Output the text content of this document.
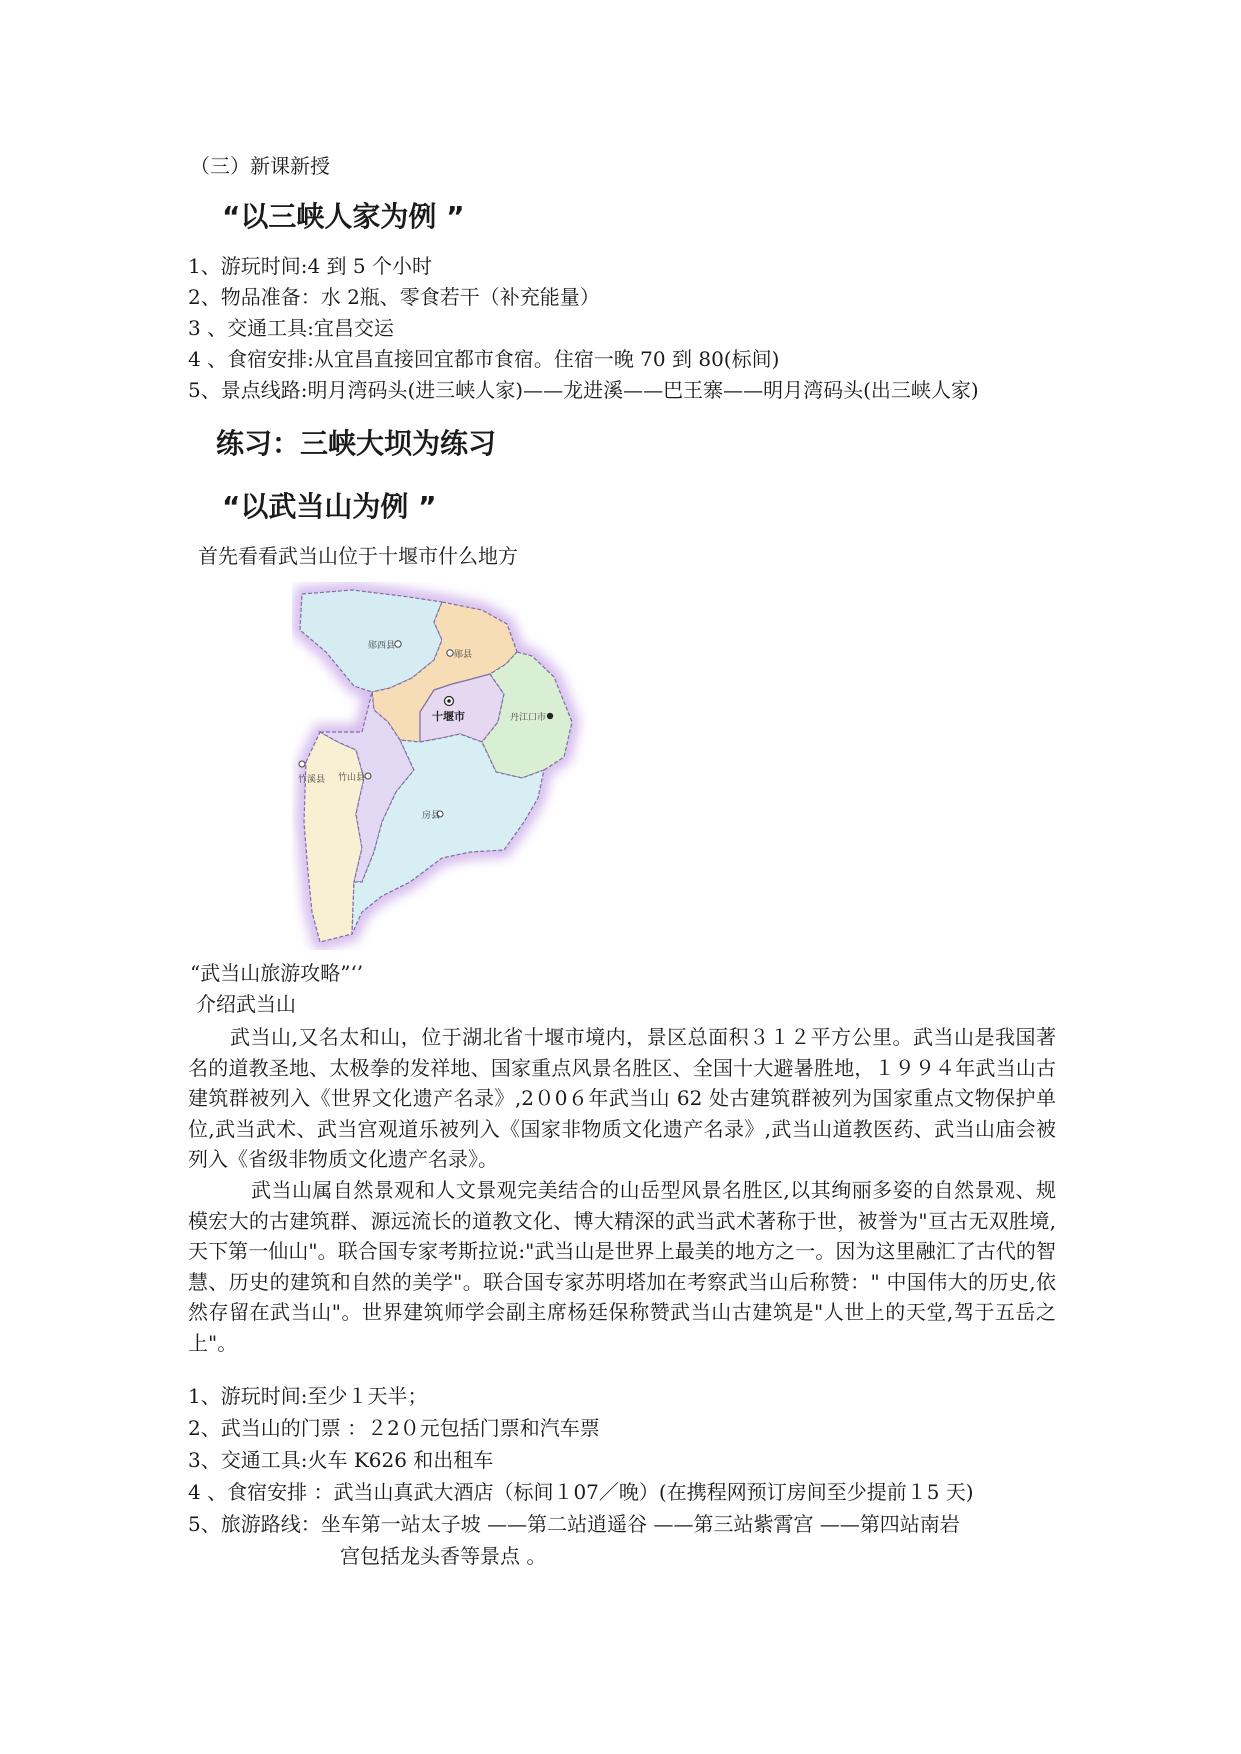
（三）新课新授
“以三峡人家为例 ”
1、游玩时间:4 到 5 个小时
2、物品准备：水 2瓶、零食若干（补充能量）
3 、交通工具:宜昌交运
4 、食宿安排:从宜昌直接回宜都市食宿。住宿一晚 70 到 80(标间)
5、景点线路:明月湾码头(进三峡人家)——龙进溪——巴王寨——明月湾码头(出三峡人家)
练习：三峡大坝为练习
“以武当山为例 ”
首先看看武当山位于十堰市什么地方
郧西县
郧县
十堰市	丹江口市
竹溪县 竹山县
房县
“武当山旅游攻略”‘’
介绍武当山

武当山,又名太和山，位于湖北省十堰市境内，景区总面积３１２平方公里。武当山是我国著名的道教圣地、太极拳的发祥地、国家重点风景名胜区、全国十大避暑胜地，１９９４年武当山古建筑群被列入《世界文化遗产名录》,2０0６年武当山 62 处古建筑群被列为国家重点文物保护单位,武当武术、武当宫观道乐被列入《国家非物质文化遗产名录》,武当山道教医药、武当山庙会被列入《省级非物质文化遗产名录》。

武当山属自然景观和人文景观完美结合的山岳型风景名胜区,以其绚丽多姿的自然景观、规模宏大的古建筑群、源远流长的道教文化、博大精深的武当武术著称于世，被誉为"亘古无双胜境,天下第一仙山"。联合国专家考斯拉说:"武当山是世界上最美的地方之一。因为这里融汇了古代的智慧、历史的建筑和自然的美学"。联合国专家苏明塔加在考察武当山后称赞：" 中国伟大的历史,依然存留在武当山"。世界建筑师学会副主席杨廷保称赞武当山古建筑是"人世上的天堂,驾于五岳之上"。

1、游玩时间:至少１天半；
2、武当山的门票 ：２2０元包括门票和汽车票
3、交通工具:火车 K626 和出租车
4 、食宿安排 ：武当山真武大酒店（标间１07／晚）(在携程网预订房间至少提前１5 天)
5、旅游路线：坐车第一站太子坡 ——第二站逍遥谷 ——第三站紫霄宫 ——第四站南岩
宫包括龙头香等景点 。
